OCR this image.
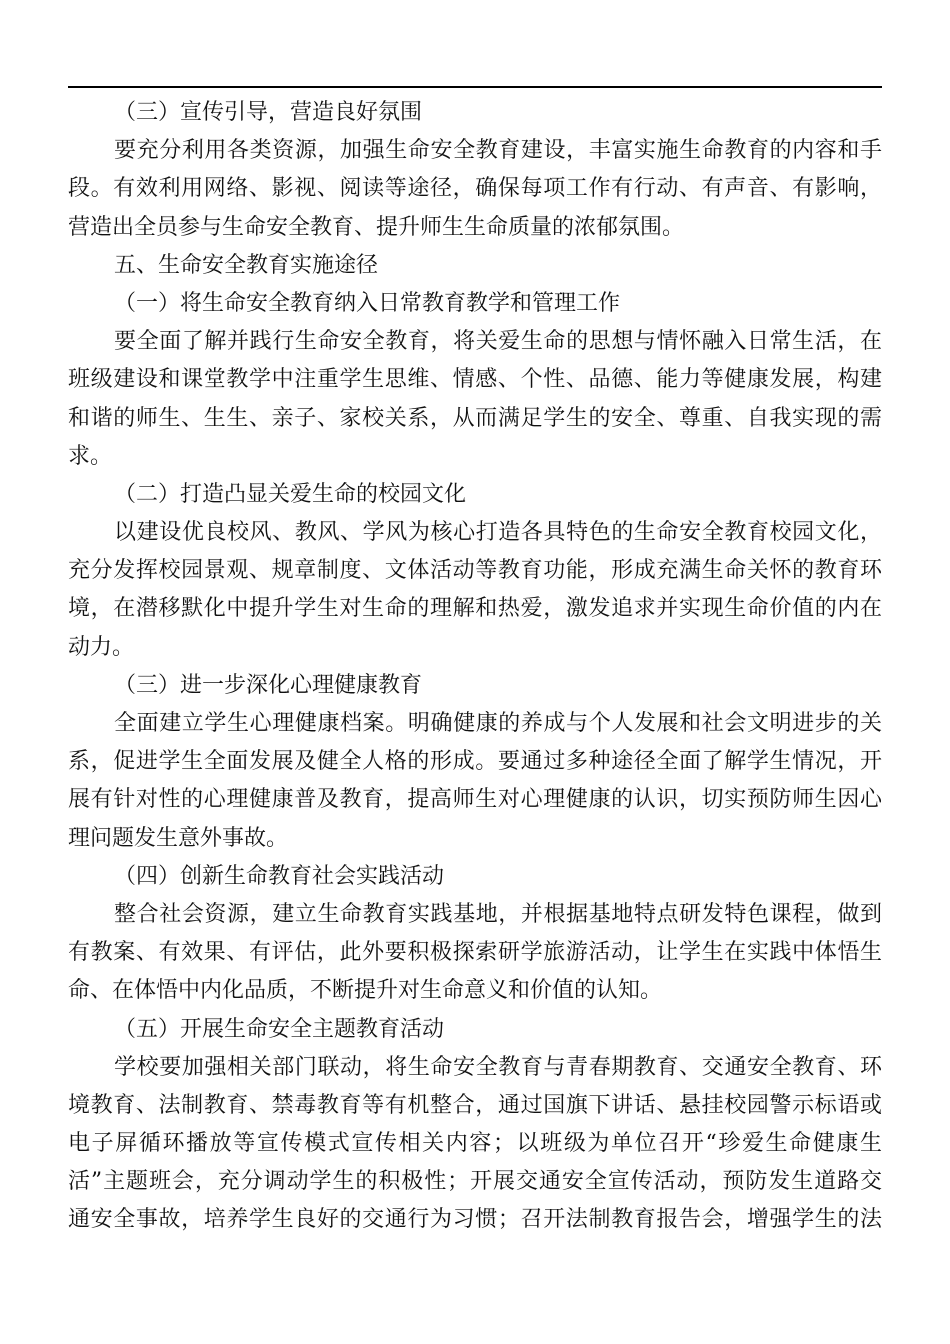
（三）宣传引导，营造良好氛围
要充分利用各类资源，加强生命安全教育建设，丰富实施生命教育的内容和手
段。有效利用网络、影视、阅读等途径，确保每项工作有行动、有声音、有影响，
营造出全员参与生命安全教育、提升师生生命质量的浓郁氛围。
五、生命安全教育实施途径
（一）将生命安全教育纳入日常教育教学和管理工作
要全面了解并践行生命安全教育，将关爱生命的思想与情怀融入日常生活，在
班级建设和课堂教学中注重学生思维、情感、个性、品德、能力等健康发展，构建
和谐的师生、生生、亲子、家校关系，从而满足学生的安全、尊重、自我实现的需
求。
（二）打造凸显关爱生命的校园文化
以建设优良校风、教风、学风为核心打造各具特色的生命安全教育校园文化，
充分发挥校园景观、规章制度、文体活动等教育功能，形成充满生命关怀的教育环
境，在潜移默化中提升学生对生命的理解和热爱，激发追求并实现生命价值的内在
动力。
（三）进一步深化心理健康教育
全面建立学生心理健康档案。明确健康的养成与个人发展和社会文明进步的关
系，促进学生全面发展及健全人格的形成。要通过多种途径全面了解学生情况，开
展有针对性的心理健康普及教育，提高师生对心理健康的认识，切实预防师生因心
理问题发生意外事故。
（四）创新生命教育社会实践活动
整合社会资源，建立生命教育实践基地，并根据基地特点研发特色课程，做到
有教案、有效果、有评估，此外要积极探索研学旅游活动，让学生在实践中体悟生
命、在体悟中内化品质，不断提升对生命意义和价值的认知。
（五）开展生命安全主题教育活动
学校要加强相关部门联动，将生命安全教育与青春期教育、交通安全教育、环
境教育、法制教育、禁毒教育等有机整合，通过国旗下讲话、悬挂校园警示标语或
电子屏循环播放等宣传模式宣传相关内容；以班级为单位召开“珍爱生命健康生
活”主题班会，充分调动学生的积极性；开展交通安全宣传活动，预防发生道路交
通安全事故，培养学生良好的交通行为习惯；召开法制教育报告会，增强学生的法
